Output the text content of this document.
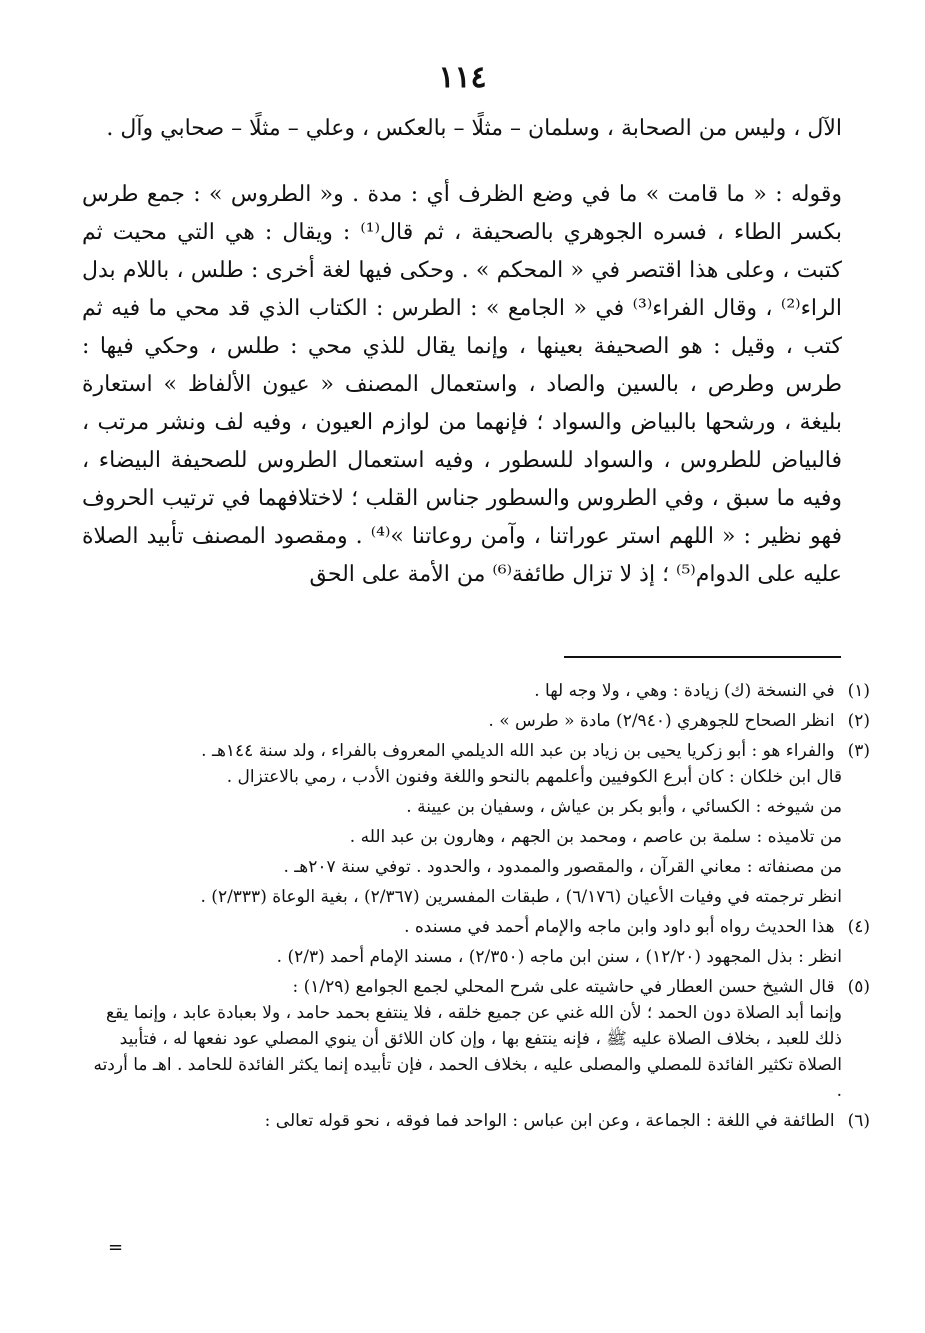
١١٤

الآل ، وليس من الصحابة ، وسلمان – مثلًا – بالعكس ، وعلي – مثلًا – صحابي وآل .

وقوله : « ما قامت » ما في وضع الظرف أي : مدة . و« الطروس » : جمع طرس بكسر الطاء ، فسره الجوهري بالصحيفة ، ثم قال⁽¹⁾ : ويقال : هي التي محيت ثم كتبت ، وعلى هذا اقتصر في « المحكم » . وحكى فيها لغة أخرى : طلس ، باللام بدل الراء⁽²⁾ ، وقال الفراء⁽³⁾ في « الجامع » : الطرس : الكتاب الذي قد محي ما فيه ثم كتب ، وقيل : هو الصحيفة بعينها ، وإنما يقال للذي محي : طلس ، وحكي فيها : طرس وطرص ، بالسين والصاد ، واستعمال المصنف « عيون الألفاظ » استعارة بليغة ، ورشحها بالبياض والسواد ؛ فإنهما من لوازم العيون ، وفيه لف ونشر مرتب ، فالبياض للطروس ، والسواد للسطور ، وفيه استعمال الطروس للصحيفة البيضاء ، وفيه ما سبق ، وفي الطروس والسطور جناس القلب ؛ لاختلافهما في ترتيب الحروف فهو نظير : « اللهم استر عوراتنا ، وآمن روعاتنا »⁽⁴⁾ . ومقصود المصنف تأبيد الصلاة عليه على الدوام⁽⁵⁾ ؛ إذ لا تزال طائفة⁽⁶⁾ من الأمة على الحق

(١) في النسخة (ك) زيادة : وهي ، ولا وجه لها .
(٢) انظر الصحاح للجوهري (٢/٩٤٠) مادة « طرس » .
(٣) والفراء هو : أبو زكريا يحيى بن زياد بن عبد الله الديلمي المعروف بالفراء ، ولد سنة ١٤٤هـ .
قال ابن خلكان : كان أبرع الكوفيين وأعلمهم بالنحو واللغة وفنون الأدب ، رمي بالاعتزال .
من شيوخه : الكسائي ، وأبو بكر بن عياش ، وسفيان بن عيينة .
من تلاميذه : سلمة بن عاصم ، ومحمد بن الجهم ، وهارون بن عبد الله .
من مصنفاته : معاني القرآن ، والمقصور والممدود ، والحدود . توفي سنة ٢٠٧هـ .
انظر ترجمته في وفيات الأعيان (٦/١٧٦) ، طبقات المفسرين (٢/٣٦٧) ، بغية الوعاة (٢/٣٣٣) .
(٤) هذا الحديث رواه أبو داود وابن ماجه والإمام أحمد في مسنده .
انظر : بذل المجهود (١٢/٢٠) ، سنن ابن ماجه (٢/٣٥٠) ، مسند الإمام أحمد (٢/٣) .
(٥) قال الشيخ حسن العطار في حاشيته على شرح المحلي لجمع الجوامع (١/٢٩) :
وإنما أبد الصلاة دون الحمد ؛ لأن الله غني عن جميع خلقه ، فلا ينتفع بحمد حامد ، ولا بعبادة عابد ، وإنما يقع ذلك للعبد ، بخلاف الصلاة عليه ﷺ ، فإنه ينتفع بها ، وإن كان اللائق أن ينوي المصلي عود نفعها له ، فتأبيد الصلاة تكثير الفائدة للمصلي والمصلى عليه ، بخلاف الحمد ، فإن تأبيده إنما يكثر الفائدة للحامد . اهـ ما أردته .
(٦) الطائفة في اللغة : الجماعة ، وعن ابن عباس : الواحد فما فوقه ، نحو قوله تعالى :
=
